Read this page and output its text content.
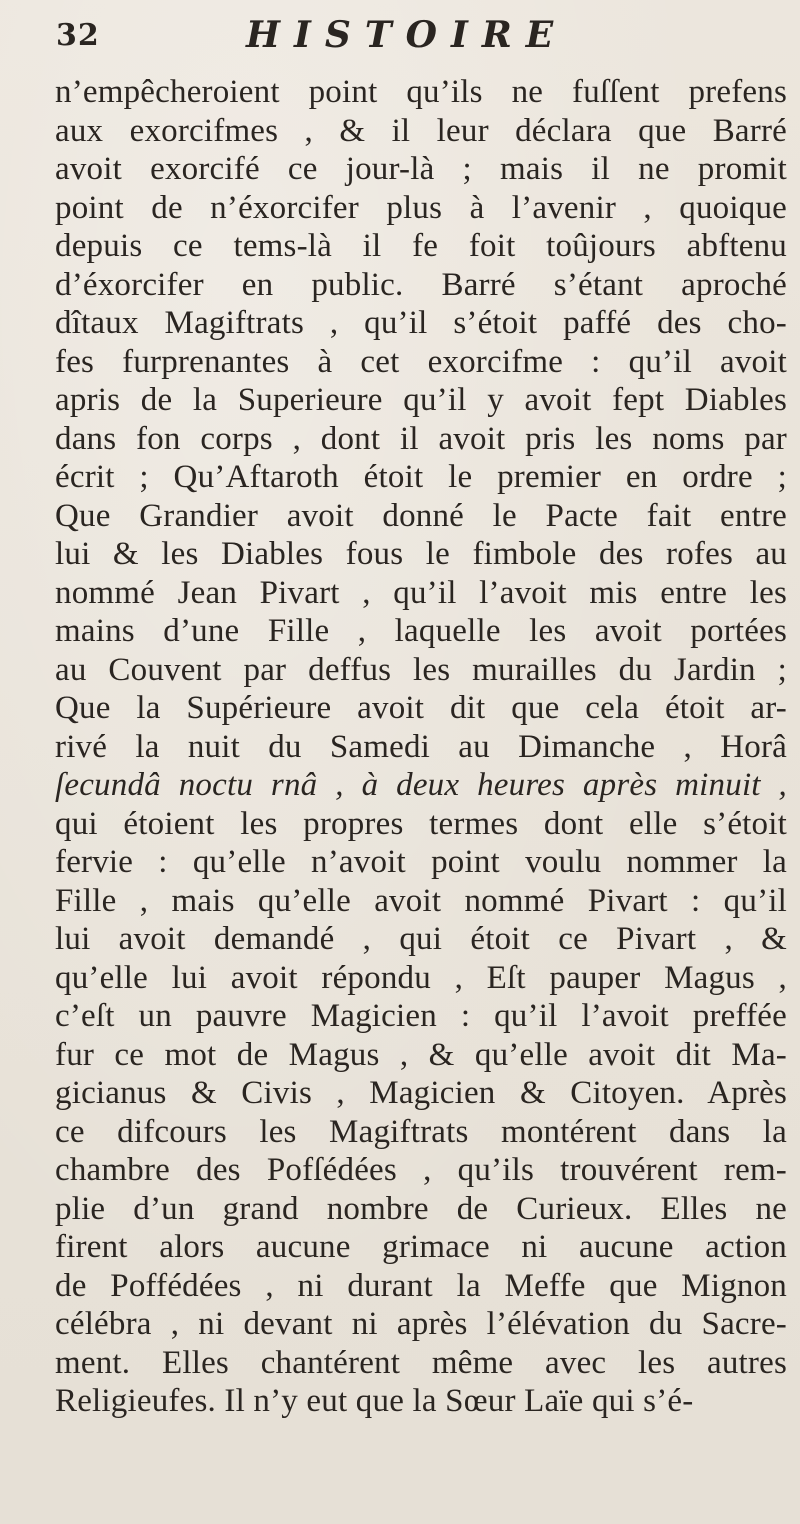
32	HISTOIRE
n’empêcheroient point qu’ils ne fuſſent prefens
aux exorcifmes , & il leur déclara que Barré
avoit exorcifé ce jour-là ; mais il ne promit
point de n’éxorcifer plus à l’avenir , quoique
depuis ce tems-là il fe foit toûjours abftenu
d’éxorcifer en public. Barré s’étant aproché
dîtaux Magiftrats , qu’il s’étoit paffé des cho-
fes furprenantes à cet exorcifme : qu’il avoit
apris de la Superieure qu’il y avoit fept Diables
dans fon corps , dont il avoit pris les noms par
écrit ; Qu’Aftaroth étoit le premier en ordre ;
Que Grandier avoit donné le Pacte fait entre
lui & les Diables fous le fimbole des rofes au
nommé Jean Pivart , qu’il l’avoit mis entre les
mains d’une Fille , laquelle les avoit portées
au Couvent par deffus les murailles du Jardin ;
Que la Supérieure avoit dit que cela étoit ar-
rivé la nuit du Samedi au Dimanche , Horâ
ſecundâ noctu rnâ , à deux heures après minuit ,
qui étoient les propres termes dont elle s’étoit
fervie : qu’elle n’avoit point voulu nommer la
Fille , mais qu’elle avoit nommé Pivart : qu’il
lui avoit demandé , qui étoit ce Pivart , &
qu’elle lui avoit répondu , Eſt pauper Magus ,
c’eſt un pauvre Magicien : qu’il l’avoit preffée
fur ce mot de Magus , & qu’elle avoit dit Ma-
gicianus & Civis , Magicien & Citoyen. Après
ce difcours les Magiftrats montérent dans la
chambre des Pofſédées , qu’ils trouvérent rem-
plie d’un grand nombre de Curieux. Elles ne
firent alors aucune grimace ni aucune action
de Poffédées , ni durant la Meffe que Mignon
célébra , ni devant ni après l’élévation du Sacre-
ment. Elles chantérent même avec les autres
Religieufes. Il n’y eut que la Sœur Laïe qui s’é-
